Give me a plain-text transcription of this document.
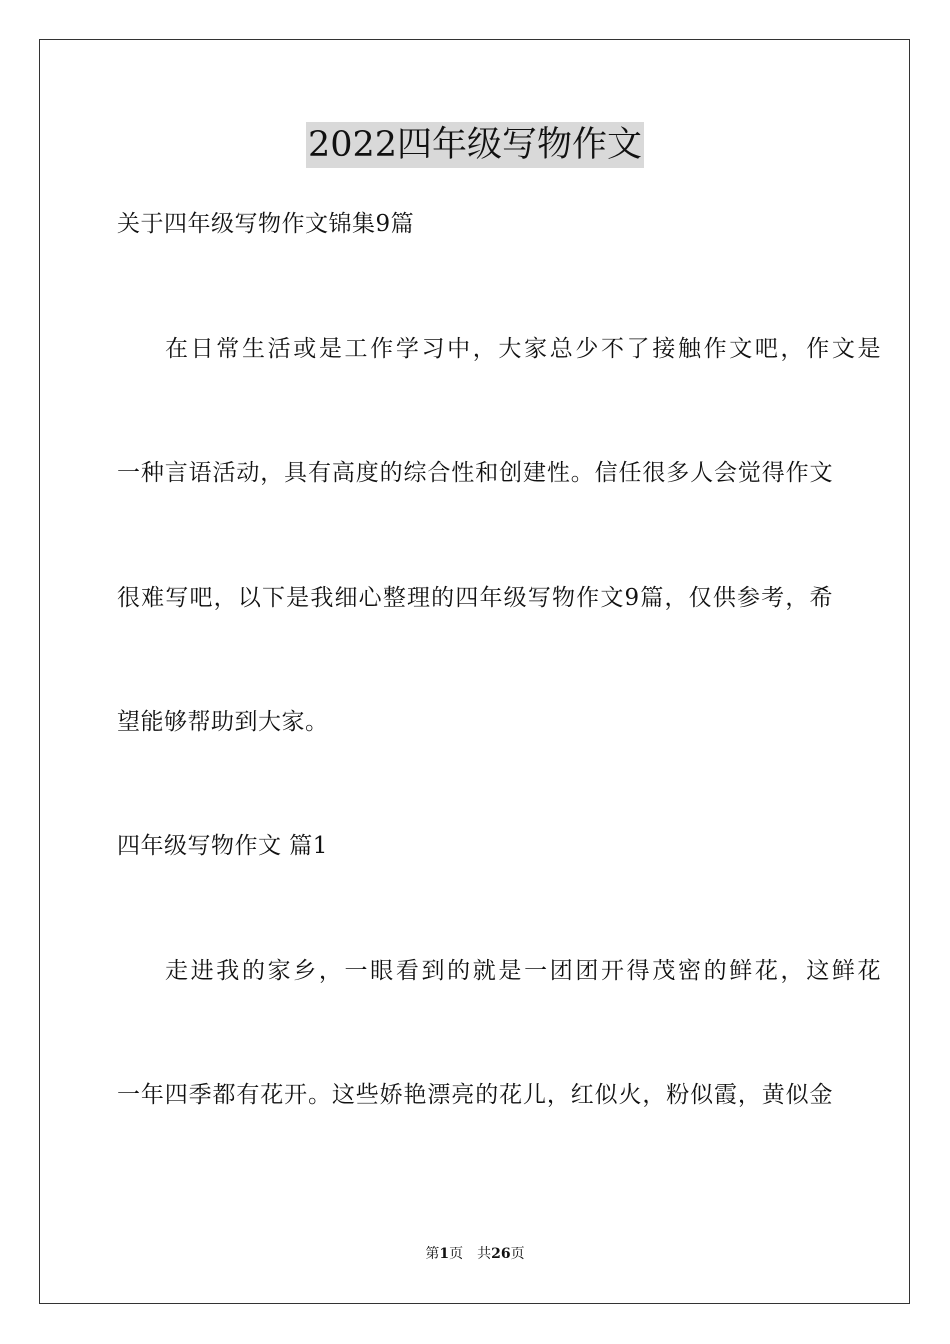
2022四年级写物作文
关于四年级写物作文锦集9篇
在日常生活或是工作学习中，大家总少不了接触作文吧，作文是
一种言语活动，具有高度的综合性和创建性。信任很多人会觉得作文
很难写吧，以下是我细心整理的四年级写物作文9篇，仅供参考，希
望能够帮助到大家。
四年级写物作文 篇1
走进我的家乡，一眼看到的就是一团团开得茂密的鲜花，这鲜花
一年四季都有花开。这些娇艳漂亮的花儿，红似火，粉似霞，黄似金
第1页 共26页
